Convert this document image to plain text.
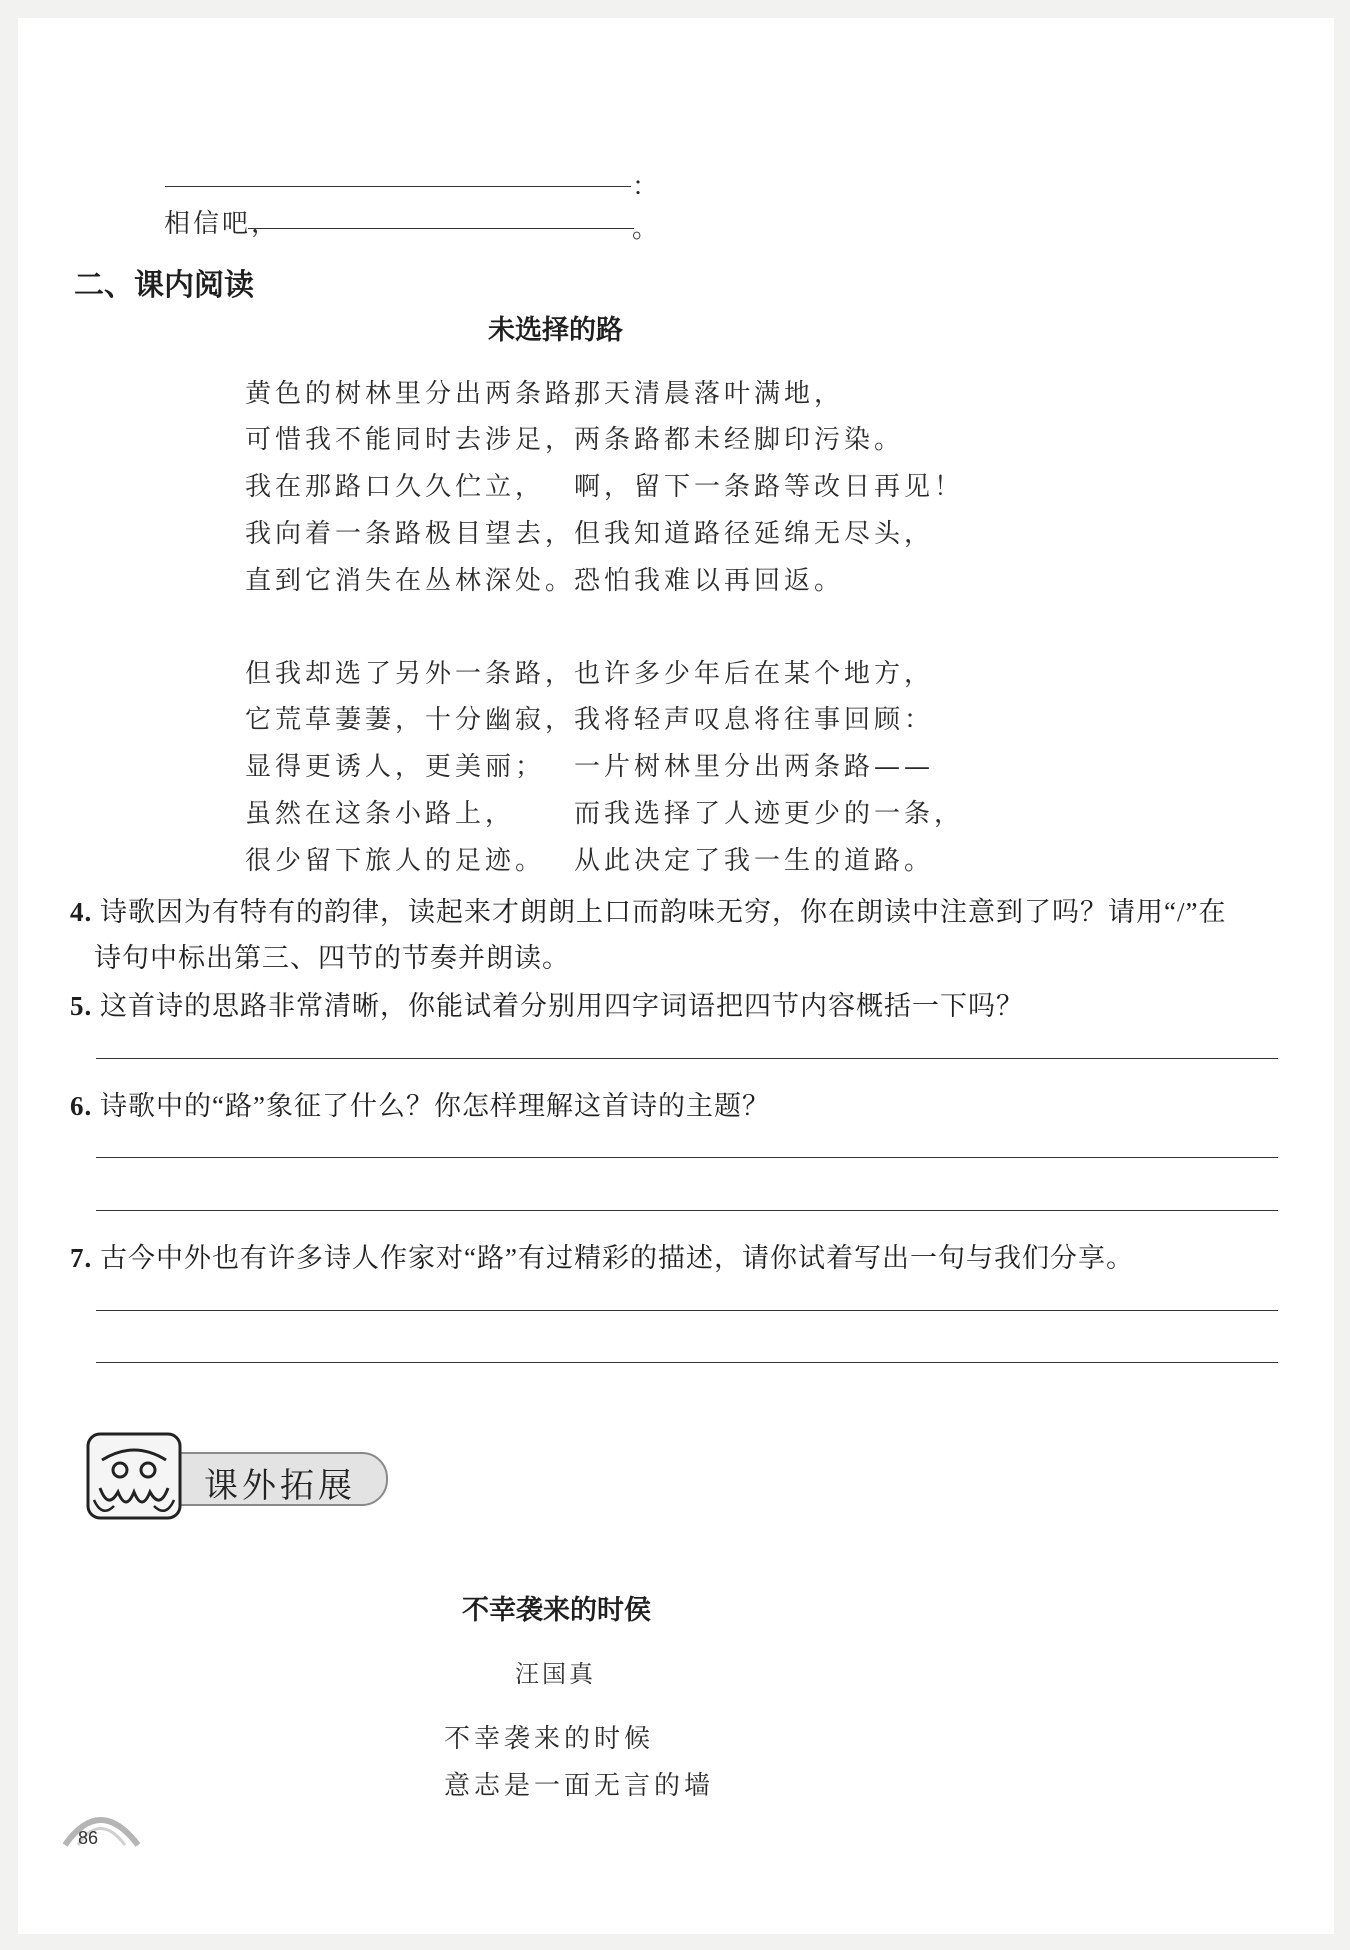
：
相信吧，	。
二、课内阅读
未选择的路
黄色的树林里分出两条路，
可惜我不能同时去涉足，
我在那路口久久伫立，
我向着一条路极目望去，
直到它消失在丛林深处。
那天清晨落叶满地，
两条路都未经脚印污染。
啊，留下一条路等改日再见！
但我知道路径延绵无尽头，
恐怕我难以再回返。
但我却选了另外一条路，
它荒草萋萋，十分幽寂，
显得更诱人，更美丽；
虽然在这条小路上，
很少留下旅人的足迹。
也许多少年后在某个地方，
我将轻声叹息将往事回顾：
一片树林里分出两条路——
而我选择了人迹更少的一条，
从此决定了我一生的道路。
4. 诗歌因为有特有的韵律，读起来才朗朗上口而韵味无穷，你在朗读中注意到了吗？请用“/”在
诗句中标出第三、四节的节奏并朗读。
5. 这首诗的思路非常清晰，你能试着分别用四字词语把四节内容概括一下吗？
6. 诗歌中的“路”象征了什么？你怎样理解这首诗的主题？
7. 古今中外也有许多诗人作家对“路”有过精彩的描述，请你试着写出一句与我们分享。
课外拓展
不幸袭来的时侯
汪国真
不幸袭来的时候
意志是一面无言的墙
86
